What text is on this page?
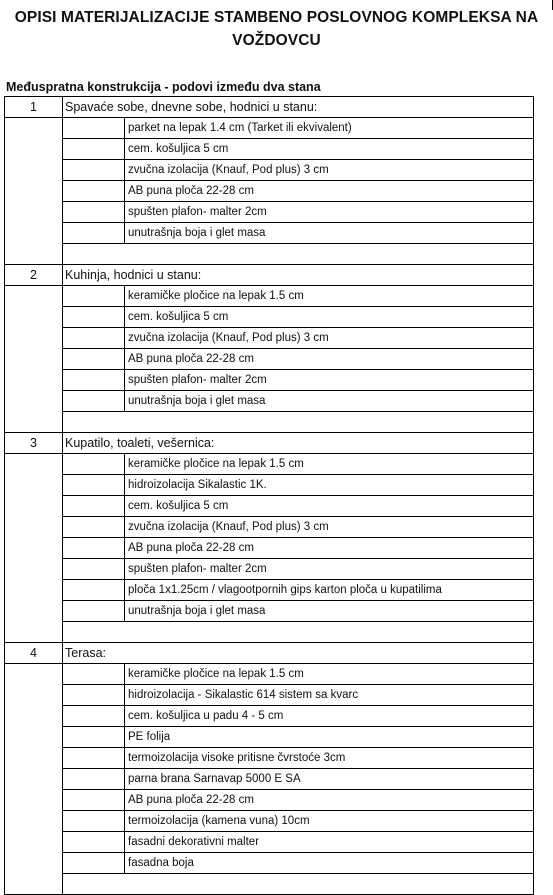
OPISI MATERIJALIZACIJE STAMBENO POSLOVNOG KOMPLEKSA NA
VOŽDOVCU
Međuspratna konstrukcija - podovi između dva stana
1	Spavaće sobe, dnevne sobe, hodnici u stanu:	
		parket na lepak 1.4 cm (Tarket ili ekvivalent)
		cem. košuljica 5 cm
		zvučna izolacija (Knauf, Pod plus) 3 cm
		AB puna ploča 22-28 cm
		spušten plafon- malter 2cm
		unutrašnja boja i glet masa

2	Kuhinja, hodnici u stanu:	
		keramičke pločice na lepak 1.5 cm
		cem. košuljica 5 cm
		zvučna izolacija (Knauf, Pod plus) 3 cm
		AB puna ploča 22-28 cm
		spušten plafon- malter 2cm
		unutrašnja boja i glet masa

3	Kupatilo, toaleti, vešernica:	
		keramičke pločice na lepak 1.5 cm
		hidroizolacija Sikalastic 1K.
		cem. košuljica 5 cm
		zvučna izolacija (Knauf, Pod plus) 3 cm
		AB puna ploča 22-28 cm
		spušten plafon- malter 2cm
		ploča 1x1.25cm / vlagootpornih gips karton ploča u kupatilima
		unutrašnja boja i glet masa

4	Terasa:	
		keramičke pločice na lepak 1.5 cm
		hidroizolacija - Sikalastic 614 sistem sa kvarc
		cem. košuljica u padu 4 - 5 cm
		PE folija
		termoizolacija visoke pritisne čvrstoće 3cm
		parna brana Sarnavap 5000 E SA
		AB puna ploča 22-28 cm
		termoizolacija (kamena vuna) 10cm
		fasadni dekorativni malter
		fasadna boja
